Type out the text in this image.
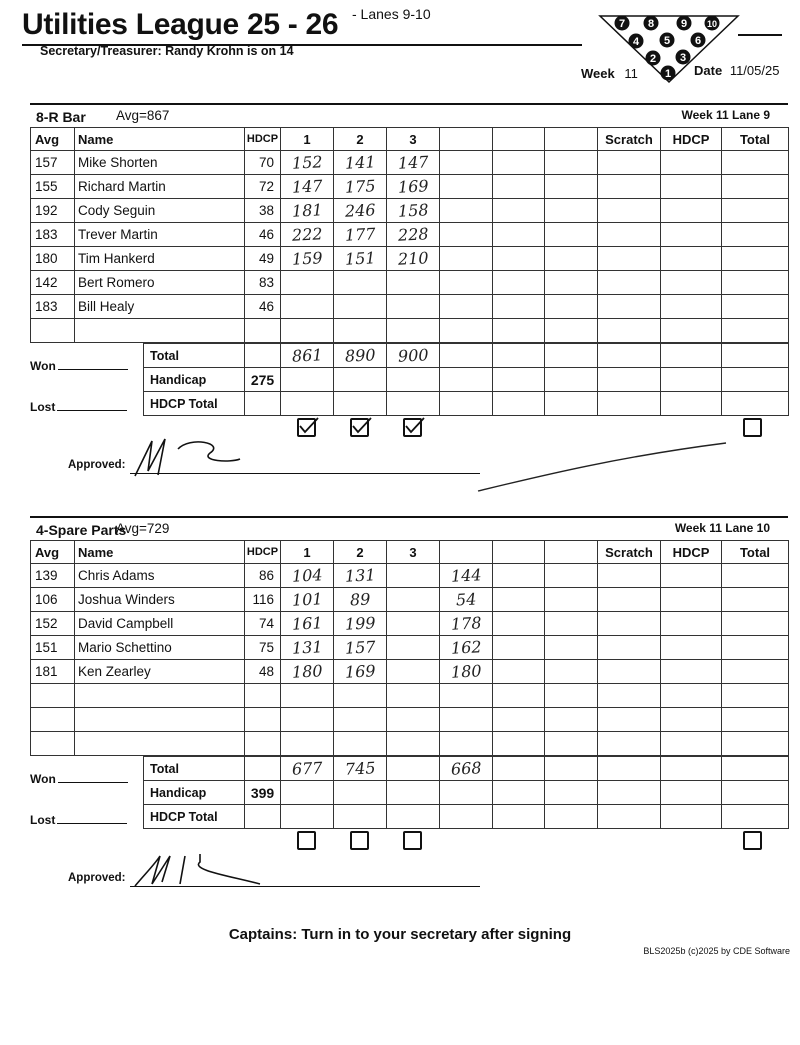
Utilities League 25 - 26 - Lanes 9-10
Secretary/Treasurer: Randy Krohn is on 14
7 8 9 10
4 5 6
2 3
1
Week 11	Date 11/05/25
8-R Bar Avg=867	Week 11 Lane 9
Avg	Name	HDCP	1	2	3				Scratch	HDCP	Total
157	Mike Shorten	70	152	141	147						
155	Richard Martin	72	147	175	169						
192	Cody Seguin	38	181	246	158						
183	Trever Martin	46	222	177	228						
180	Tim Hankerd	49	159	151	210						
142	Bert Romero	83									
183	Bill Healy	46									

Won
Lost
Total		861	890	900						
Handicap	275									
HDCP Total										
4-Spare Parts
Avg=729	Week 11 Lane 10
Avg	Name	HDCP	1	2	3				Scratch	HDCP	Total
139	Chris Adams	86	104	131		144					
106	Joshua Winders	116	101	89		54					
152	David Campbell	74	161	199		178					
151	Mario Schettino	75	131	157		162					
181	Ken Zearley	48	180	169		180					

Won
Lost
Total		677	745		668					
Handicap	399									
HDCP Total										
Captains: Turn in to your secretary after signing
BLS2025b (c)2025 by CDE Software
Approved:
Approved:
